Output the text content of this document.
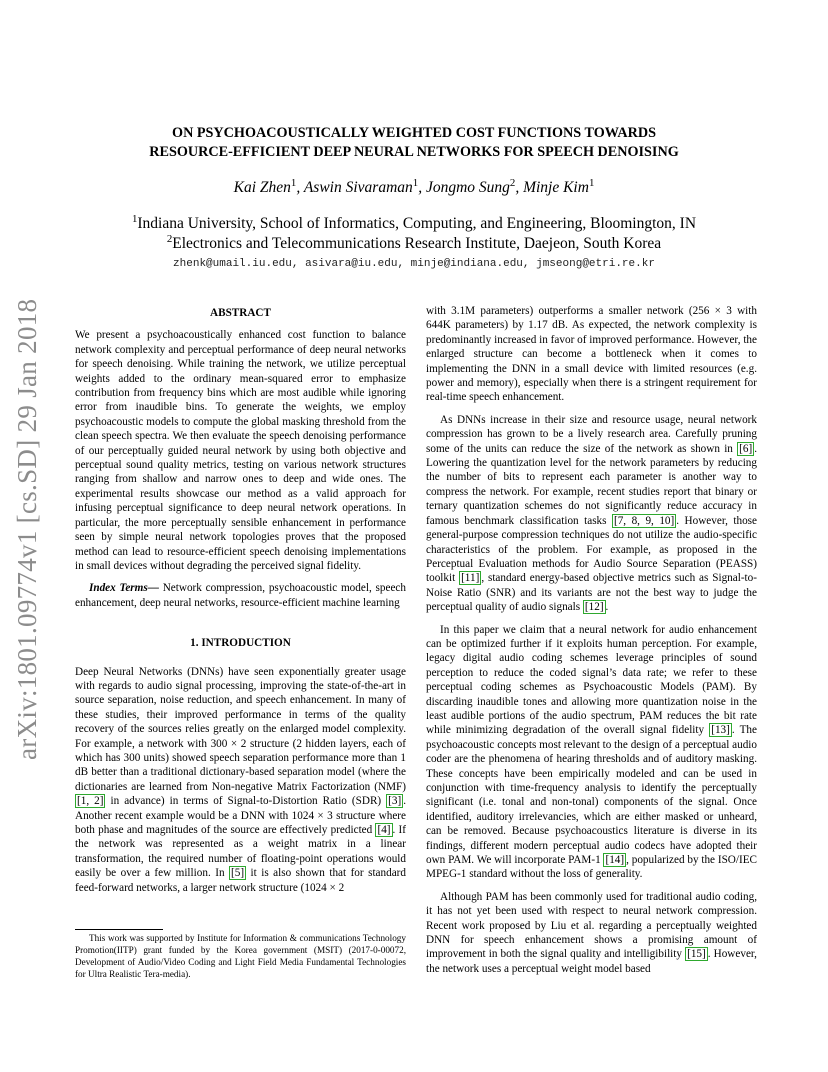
arXiv:1801.09774v1 [cs.SD] 29 Jan 2018
ON PSYCHOACOUSTICALLY WEIGHTED COST FUNCTIONS TOWARDS
RESOURCE-EFFICIENT DEEP NEURAL NETWORKS FOR SPEECH DENOISING
Kai Zhen$^1$, Aswin Sivaraman$^1$, Jongmo Sung$^2$, Minje Kim$^1$
$^1$Indiana University, School of Informatics, Computing, and Engineering, Bloomington, IN
$^2$Electronics and Telecommunications Research Institute, Daejeon, South Korea
zhenk@umail.iu.edu, asivara@iu.edu, minje@indiana.edu, jmseong@etri.re.kr
ABSTRACT

We present a psychoacoustically enhanced cost function to balance network complexity and perceptual performance of deep neural networks for speech denoising. While training the network, we utilize perceptual weights added to the ordinary mean-squared error to emphasize contribution from frequency bins which are most audible while ignoring error from inaudible bins. To generate the weights, we employ psychoacoustic models to compute the global masking threshold from the clean speech spectra. We then evaluate the speech denoising performance of our perceptually guided neural network by using both objective and perceptual sound quality metrics, testing on various network structures ranging from shallow and narrow ones to deep and wide ones. The experimental results showcase our method as a valid approach for infusing perceptual significance to deep neural network operations. In particular, the more perceptually sensible enhancement in performance seen by simple neural network topologies proves that the proposed method can lead to resource-efficient speech denoising implementations in small devices without degrading the perceived signal fidelity.

Index Terms— Network compression, psychoacoustic model, speech enhancement, deep neural networks, resource-efficient machine learning

1. INTRODUCTION

Deep Neural Networks (DNNs) have seen exponentially greater usage with regards to audio signal processing, improving the state-of-the-art in source separation, noise reduction, and speech enhancement. In many of these studies, their improved performance in terms of the quality recovery of the sources relies greatly on the enlarged model complexity. For example, a network with 300 × 2 structure (2 hidden layers, each of which has 300 units) showed speech separation performance more than 1 dB better than a traditional dictionary-based separation model (where the dictionaries are learned from Non-negative Matrix Factorization (NMF) [1, 2] in advance) in terms of Signal-to-Distortion Ratio (SDR) [3] . Another recent example would be a DNN with 1024 × 3 structure where both phase and magnitudes of the source are effectively predicted [4] . If the network was represented as a weight matrix in a linear transformation, the required number of floating-point operations would easily be over a few million. In [5] it is also shown that for standard feed-forward networks, a larger network structure (1024 × 2

This work was supported by Institute for Information & communications Technology Promotion(IITP) grant funded by the Korea government (MSIT) (2017-0-00072, Development of Audio/Video Coding and Light Field Media Fundamental Technologies for Ultra Realistic Tera-media).

with 3.1M parameters) outperforms a smaller network (256 × 3 with 644K parameters) by 1.17 dB. As expected, the network complexity is predominantly increased in favor of improved performance. However, the enlarged structure can become a bottleneck when it comes to implementing the DNN in a small device with limited resources (e.g. power and memory), especially when there is a stringent requirement for real-time speech enhancement.

As DNNs increase in their size and resource usage, neural network compression has grown to be a lively research area. Carefully pruning some of the units can reduce the size of the network as shown in [6] . Lowering the quantization level for the network parameters by reducing the number of bits to represent each parameter is another way to compress the network. For example, recent studies report that binary or ternary quantization schemes do not significantly reduce accuracy in famous benchmark classification tasks [7, 8, 9, 10] . However, those general-purpose compression techniques do not utilize the audio-specific characteristics of the problem. For example, as proposed in the Perceptual Evaluation methods for Audio Source Separation (PEASS) toolkit [11] , standard energy-based objective metrics such as Signal-to-Noise Ratio (SNR) and its variants are not the best way to judge the perceptual quality of audio signals [12] .

In this paper we claim that a neural network for audio enhancement can be optimized further if it exploits human perception. For example, legacy digital audio coding schemes leverage principles of sound perception to reduce the coded signal’s data rate; we refer to these perceptual coding schemes as Psychoacoustic Models (PAM). By discarding inaudible tones and allowing more quantization noise in the least audible portions of the audio spectrum, PAM reduces the bit rate while minimizing degradation of the overall signal fidelity [13] . The psychoacoustic concepts most relevant to the design of a perceptual audio coder are the phenomena of hearing thresholds and of auditory masking. These concepts have been empirically modeled and can be used in conjunction with time-frequency analysis to identify the perceptually significant (i.e. tonal and non-tonal) components of the signal. Once identified, auditory irrelevancies, which are either masked or unheard, can be removed. Because psychoacoustics literature is diverse in its findings, different modern perceptual audio codecs have adopted their own PAM. We will incorporate PAM-1 [14] , popularized by the ISO/IEC MPEG-1 standard without the loss of generality.

Although PAM has been commonly used for traditional audio coding, it has not yet been used with respect to neural network compression. Recent work proposed by Liu et al. regarding a perceptually weighted DNN for speech enhancement shows a promising amount of improvement in both the signal quality and intelligibility [15] . However, the network uses a perceptual weight model based
